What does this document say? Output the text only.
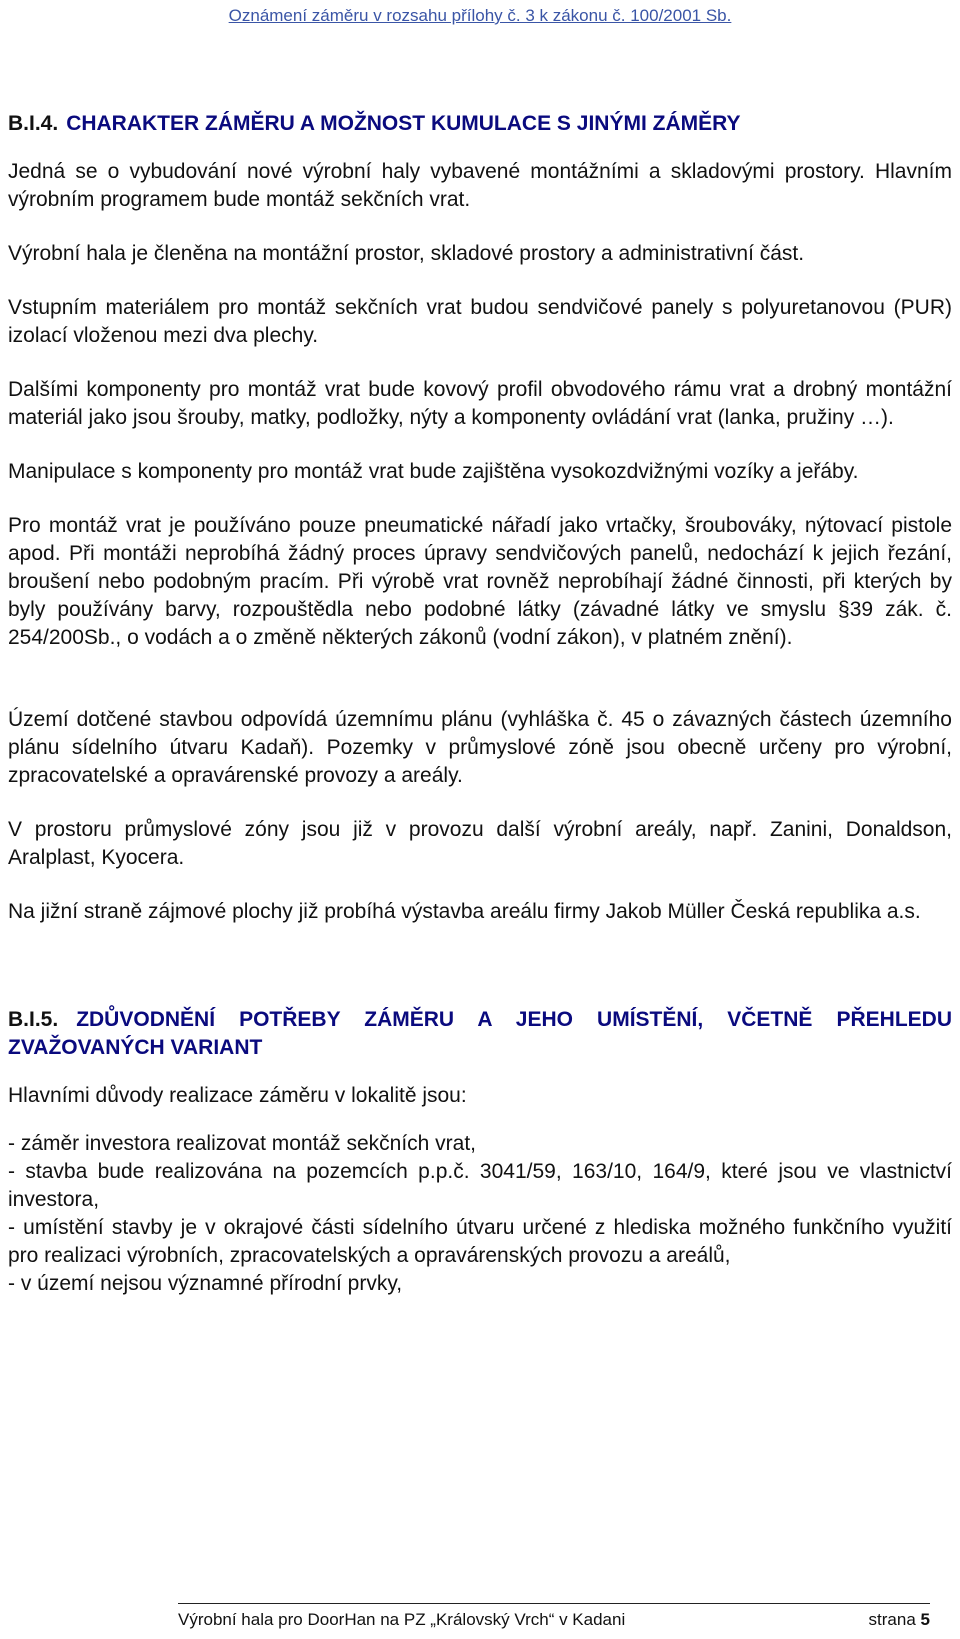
Oznámení záměru v rozsahu přílohy č. 3 k zákonu č. 100/2001 Sb.
B.I.4. CHARAKTER ZÁMĚRU A MOŽNOST KUMULACE S JINÝMI ZÁMĚRY

Jedná se o vybudování nové výrobní haly vybavené montážními a skladovými prostory. Hlavním výrobním programem bude montáž sekčních vrat.

Výrobní hala je členěna na montážní prostor, skladové prostory a administrativní část.

Vstupním materiálem pro montáž sekčních vrat budou sendvičové panely s polyuretanovou (PUR) izolací vloženou mezi dva plechy.

Dalšími komponenty pro montáž vrat bude kovový profil obvodového rámu vrat a drobný montážní materiál jako jsou šrouby, matky, podložky, nýty a komponenty ovládání vrat (lanka, pružiny …).

Manipulace s komponenty pro montáž vrat bude zajištěna vysokozdvižnými vozíky a jeřáby.

Pro montáž vrat je používáno pouze pneumatické nářadí jako vrtačky, šroubováky, nýtovací pistole apod. Při montáži neprobíhá žádný proces úpravy sendvičových panelů, nedochází k jejich řezání, broušení nebo podobným pracím. Při výrobě vrat rovněž neprobíhají žádné činnosti, při kterých by byly používány barvy, rozpouštědla nebo podobné látky (závadné látky ve smyslu §39 zák. č. 254/200Sb., o vodách a o změně některých zákonů (vodní zákon), v platném znění).

Území dotčené stavbou odpovídá územnímu plánu (vyhláška č. 45 o závazných částech územního plánu sídelního útvaru Kadaň). Pozemky v průmyslové zóně jsou obecně určeny pro výrobní, zpracovatelské a opravárenské provozy a areály.

V prostoru průmyslové zóny jsou již v provozu další výrobní areály, např. Zanini, Donaldson, Aralplast, Kyocera.

Na jižní straně zájmové plochy již probíhá výstavba areálu firmy Jakob Müller Česká republika a.s.

B.I.5. ZDŮVODNĚNÍ POTŘEBY ZÁMĚRU A JEHO UMÍSTĚNÍ, VČETNĚ PŘEHLEDU ZVAŽOVANÝCH VARIANT

Hlavními důvody realizace záměru v lokalitě jsou:

- záměr investora realizovat montáž sekčních vrat,

- stavba bude realizována na pozemcích p.p.č. 3041/59, 163/10, 164/9, které jsou ve vlastnictví investora,

- umístění stavby je v okrajové části sídelního útvaru určené z hlediska možného funkčního využití pro realizaci výrobních, zpracovatelských a opravárenských provozu a areálů,

- v území nejsou významné přírodní prvky,

Výrobní hala pro DoorHan na PZ „Královský Vrch“ v Kadani	strana 5
